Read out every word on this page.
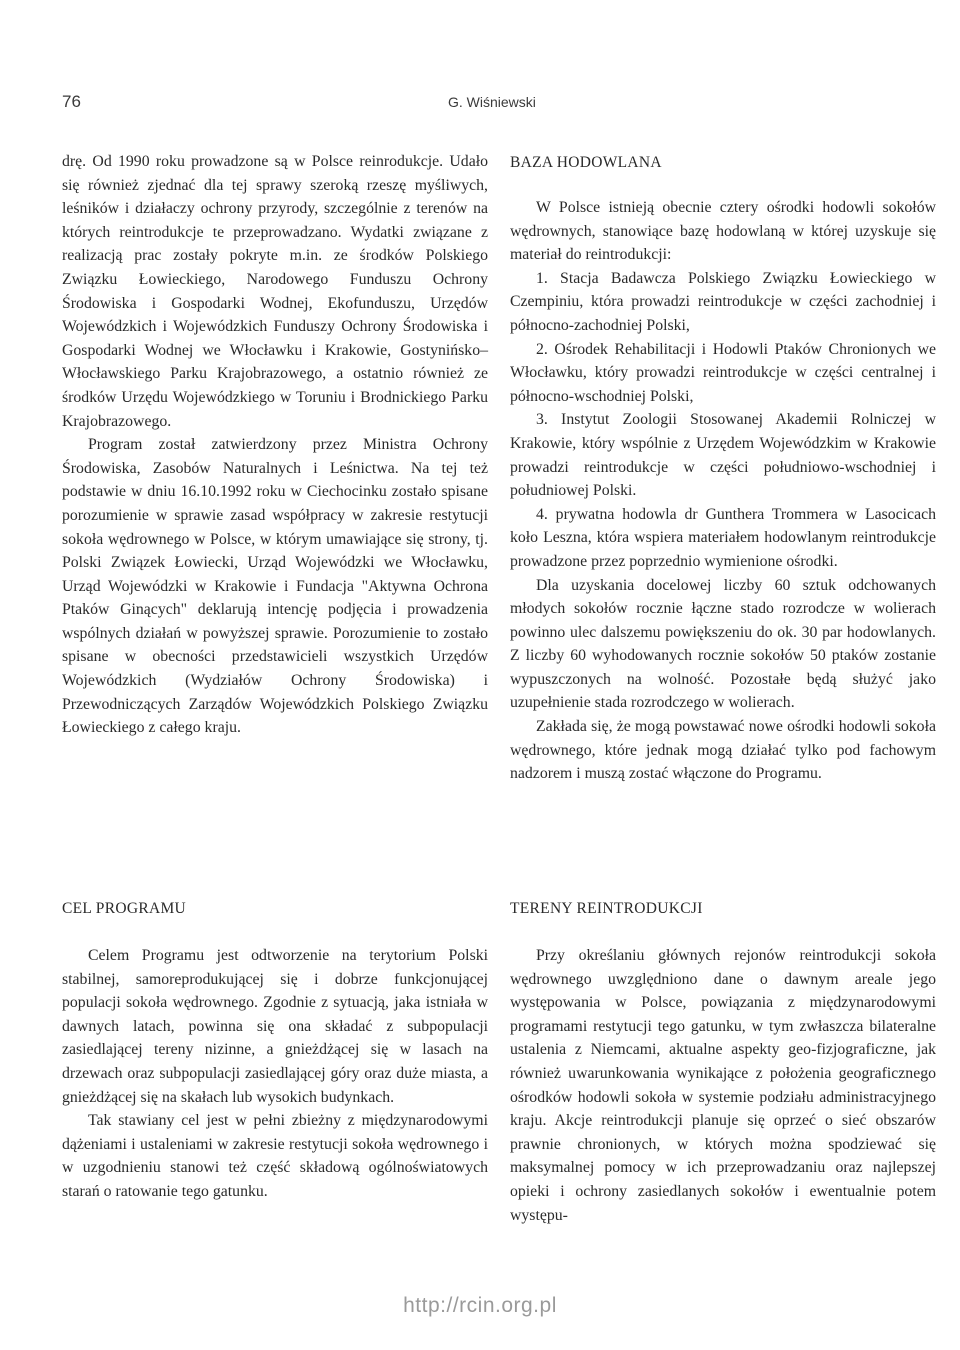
76	G. Wiśniewski

drę. Od 1990 roku prowadzone są w Polsce reinrodukcje. Udało się również zjednać dla tej sprawy szeroką rzeszę myśliwych, leśników i działaczy ochrony przyrody, szczególnie z terenów na których reintrodukcje te przeprowadzano. Wydatki związane z realizacją prac zostały pokryte m.in. ze środków Polskiego Związku Łowieckiego, Narodowego Funduszu Ochrony Środowiska i Gospodarki Wodnej, Ekofunduszu, Urzędów Wojewódzkich i Wojewódzkich Funduszy Ochrony Środowiska i Gospodarki Wodnej we Włocławku i Krakowie, Gostynińsko–Włocławskiego Parku Krajobrazowego, a ostatnio również ze środków Urzędu Wojewódzkiego w Toruniu i Brodnickiego Parku Krajobrazowego.

Program został zatwierdzony przez Ministra Ochrony Środowiska, Zasobów Naturalnych i Leśnictwa. Na tej też podstawie w dniu 16.10.1992 roku w Ciechocinku zostało spisane porozumienie w sprawie zasad współpracy w zakresie restytucji sokoła wędrownego w Polsce, w którym umawiające się strony, tj. Polski Związek Łowiecki, Urząd Wojewódzki we Włocławku, Urząd Wojewódzki w Krakowie i Fundacja "Aktywna Ochrona Ptaków Ginących" deklarują intencję podjęcia i prowadzenia wspólnych działań w powyższej sprawie. Porozumienie to zostało spisane w obecności przedstawicieli wszystkich Urzędów Wojewódzkich (Wydziałów Ochrony Środowiska) i Przewodniczących Zarządów Wojewódzkich Polskiego Związku Łowieckiego z całego kraju.

BAZA HODOWLANA

W Polsce istnieją obecnie cztery ośrodki hodowli sokołów wędrownych, stanowiące bazę hodowlaną w której uzyskuje się materiał do reintrodukcji:

1. Stacja Badawcza Polskiego Związku Łowieckiego w Czempiniu, która prowadzi reintrodukcje w części zachodniej i północno-zachodniej Polski,

2. Ośrodek Rehabilitacji i Hodowli Ptaków Chronionych we Włocławku, który prowadzi reintrodukcje w części centralnej i północno-wschodniej Polski,

3. Instytut Zoologii Stosowanej Akademii Rolniczej w Krakowie, który wspólnie z Urzędem Wojewódzkim w Krakowie prowadzi reintrodukcje w części południowo-wschodniej i południowej Polski.

4. prywatna hodowla dr Gunthera Trommera w Lasocicach koło Leszna, która wspiera materiałem hodowlanym reintrodukcje prowadzone przez poprzednio wymienione ośrodki.

Dla uzyskania docelowej liczby 60 sztuk odchowanych młodych sokołów rocznie łączne stado rozrodcze w wolierach powinno ulec dalszemu powiększeniu do ok. 30 par hodowlanych. Z liczby 60 wyhodowanych rocznie sokołów 50 ptaków zostanie wypuszczonych na wolność. Pozostałe będą służyć jako uzupełnienie stada rozrodczego w wolierach.

Zakłada się, że mogą powstawać nowe ośrodki hodowli sokoła wędrownego, które jednak mogą działać tylko pod fachowym nadzorem i muszą zostać włączone do Programu.

CEL PROGRAMU

Celem Programu jest odtworzenie na terytorium Polski stabilnej, samoreprodukującej się i dobrze funkcjonującej populacji sokoła wędrownego. Zgodnie z sytuacją, jaka istniała w dawnych latach, powinna się ona składać z subpopulacji zasiedlającej tereny nizinne, a gnieżdżącej się w lasach na drzewach oraz subpopulacji zasiedlającej góry oraz duże miasta, a gnieżdżącej się na skałach lub wysokich budynkach.

Tak stawiany cel jest w pełni zbieżny z międzynarodowymi dążeniami i ustaleniami w zakresie restytucji sokoła wędrownego i w uzgodnieniu stanowi też część składową ogólnoświatowych starań o ratowanie tego gatunku.

TERENY REINTRODUKCJI

Przy określaniu głównych rejonów reintrodukcji sokoła wędrownego uwzględniono dane o dawnym areale jego występowania w Polsce, powiązania z międzynarodowymi programami restytucji tego gatunku, w tym zwłaszcza bilateralne ustalenia z Niemcami, aktualne aspekty geo-fizjograficzne, jak również uwarunkowania wynikające z położenia geograficznego ośrodków hodowli sokoła w systemie podziału administracyjnego kraju. Akcje reintrodukcji planuje się oprzeć o sieć obszarów prawnie chronionych, w których można spodziewać się maksymalnej pomocy w ich przeprowadzaniu oraz najlepszej opieki i ochrony zasiedlanych sokołów i ewentualnie potem występu-

http://rcin.org.pl
